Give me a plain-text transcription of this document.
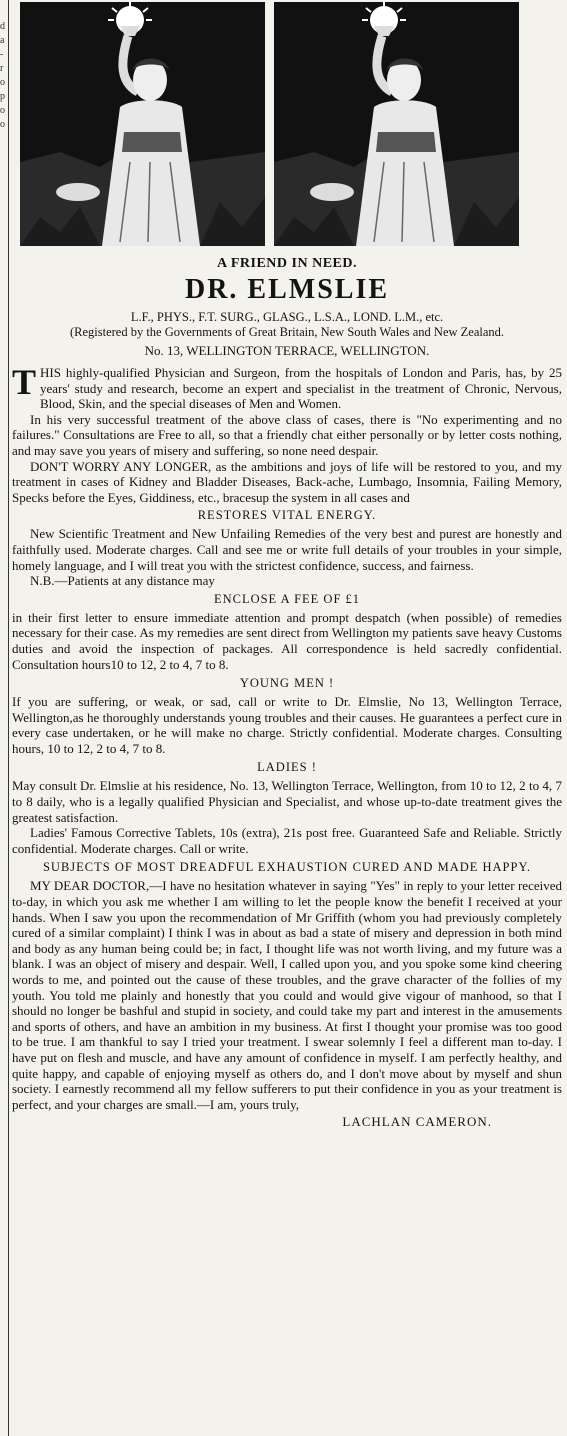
d
a
-
r
o
p
o
o
A FRIEND IN NEED.
DR. ELMSLIE
L.F., PHYS., F.T. SURG., GLASG., L.S.A., LOND. L.M., etc.
(Registered by the Governments of Great Britain, New South Wales and New Zealand.
No. 13, WELLINGTON TERRACE, WELLINGTON.

THIS highly-qualified Physician and Surgeon, from the hospitals of London and Paris, has, by 25 years' study and research, become an expert and specialist in the treatment of Chronic, Nervous, Blood, Skin, and the special diseases of Men and Women.

In his very successful treatment of the above class of cases, there is "No experimenting and no failures." Consultations are Free to all, so that a friendly chat either personally or by letter costs nothing, and may save you years of misery and suffering, so none need despair.

DON'T WORRY ANY LONGER, as the ambitions and joys of life will be restored to you, and my treatment in cases of Kidney and Bladder Diseases, Back-ache, Lumbago, Insomnia, Failing Memory, Specks before the Eyes, Giddiness, etc., bracesup the system in all cases and

RESTORES VITAL ENERGY.

New Scientific Treatment and New Unfailing Remedies of the very best and purest are honestly and faithfully used. Moderate charges. Call and see me or write full details of your troubles in your simple, homely language, and I will treat you with the strictest confidence, success, and fairness.

N.B.—Patients at any distance may

ENCLOSE A FEE OF £1

in their first letter to ensure immediate attention and prompt despatch (when possible) of remedies necessary for their case. As my remedies are sent direct from Wellington my patients save heavy Customs duties and avoid the inspection of packages. All correspondence is held sacredly confidential. Consultation hours10 to 12, 2 to 4, 7 to 8.

YOUNG MEN !

If you are suffering, or weak, or sad, call or write to Dr. Elmslie, No 13, Wellington Terrace, Wellington,as he thoroughly understands young troubles and their causes. He guarantees a perfect cure in every case undertaken, or he will make no charge. Strictly confidential. Moderate charges. Consulting hours, 10 to 12, 2 to 4, 7 to 8.

LADIES !

May consult Dr. Elmslie at his residence, No. 13, Wellington Terrace, Wellington, from 10 to 12, 2 to 4, 7 to 8 daily, who is a legally qualified Physician and Specialist, and whose up-to-date treatment gives the greatest satisfaction.

Ladies' Famous Corrective Tablets, 10s (extra), 21s post free. Guaranteed Safe and Reliable. Strictly confidential. Moderate charges. Call or write.

SUBJECTS OF MOST DREADFUL EXHAUSTION CURED AND MADE HAPPY.

MY DEAR DOCTOR,—I have no hesitation whatever in saying "Yes" in reply to your letter received to-day, in which you ask me whether I am willing to let the people know the benefit I received at your hands. When I saw you upon the recommendation of Mr Griffith (whom you had previously completely cured of a similar complaint) I think I was in about as bad a state of misery and depression in both mind and body as any human being could be; in fact, I thought life was not worth living, and my future was a blank. I was an object of misery and despair. Well, I called upon you, and you spoke some kind cheering words to me, and pointed out the cause of these troubles, and the grave character of the follies of my youth. You told me plainly and honestly that you could and would give vigour of manhood, so that I should no longer be bashful and stupid in society, and could take my part and interest in the amusements and sports of others, and have an ambition in my business. At first I thought your promise was too good to be true. I am thankful to say I tried your treatment. I swear solemnly I feel a different man to-day. I have put on flesh and muscle, and have any amount of confidence in myself. I am perfectly healthy, and quite happy, and capable of enjoying myself as others do, and I don't move about by myself and shun society. I earnestly recommend all my fellow sufferers to put their confidence in you as your treatment is perfect, and your charges are small.—I am, yours truly,

LACHLAN CAMERON.
